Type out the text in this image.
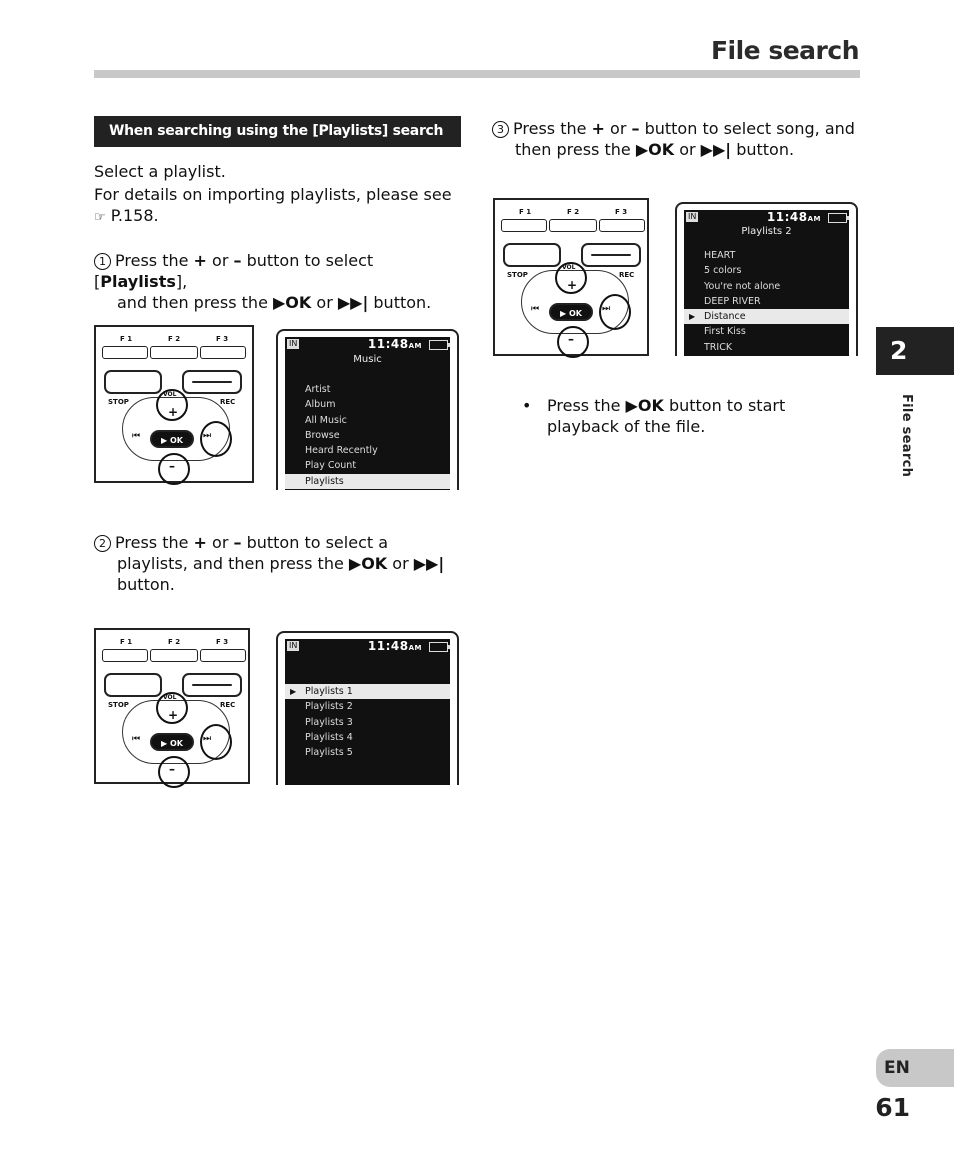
File search
When searching using the [Playlists] search
Select a playlist.
For details on importing playlists, please see
☞ P.158.
1 Press the + or – button to select [Playlists],
and then press the ▶OK or ▶▶| button.
2 Press the + or – button to select a
playlists, and then press the ▶OK or ▶▶|
button.
3 Press the + or – button to select song, and
then press the ▶OK or ▶▶| button.
• Press the ▶OK button to start
playback of the file.
F 1	F 2	F 3
STOP	REC
VOL
+
▶ OK
⏮	⏭
–
F 1	F 2	F 3
STOP	REC
VOL
+
▶ OK
⏮	⏭
–
F 1	F 2	F 3
STOP	REC
VOL
+
▶ OK
⏮	⏭
–
IN	11:48AM
Music
Artist
Album
All Music
Browse
Heard Recently
Play Count
Playlists
IN	11:48AM
▶ Playlists 1
Playlists 2
Playlists 3
Playlists 4
Playlists 5
IN	11:48AM
Playlists 2
HEART
5 colors
You're not alone
DEEP RIVER
▶ Distance
First Kiss
TRICK	2
File search
EN
61
